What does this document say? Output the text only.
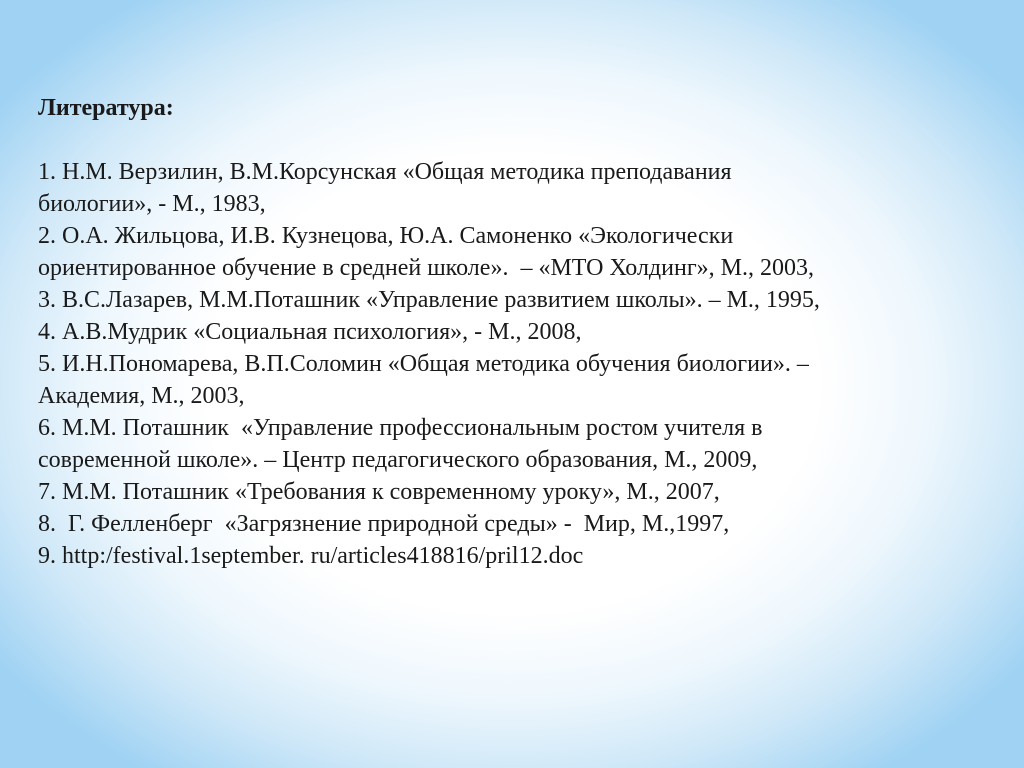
Литература:
1. Н.М. Верзилин, В.М.Корсунская «Общая методика преподавания
биологии», - М., 1983,
2. О.А. Жильцова, И.В. Кузнецова, Ю.А. Самоненко «Экологически
ориентированное обучение в средней школе».  – «МТО Холдинг», М., 2003,
3. В.С.Лазарев, М.М.Поташник «Управление развитием школы». – М., 1995,
4. А.В.Мудрик «Социальная психология», - М., 2008,
5. И.Н.Пономарева, В.П.Соломин «Общая методика обучения биологии». –
Академия, М., 2003,
6. М.М. Поташник  «Управление профессиональным ростом учителя в
современной школе». – Центр педагогического образования, М., 2009,
7. М.М. Поташник «Требования к современному уроку», М., 2007,
8.  Г. Фелленберг  «Загрязнение природной среды» -  Мир, М.,1997,
9. http:/festival.1september. ru/articles418816/pril12.doc
